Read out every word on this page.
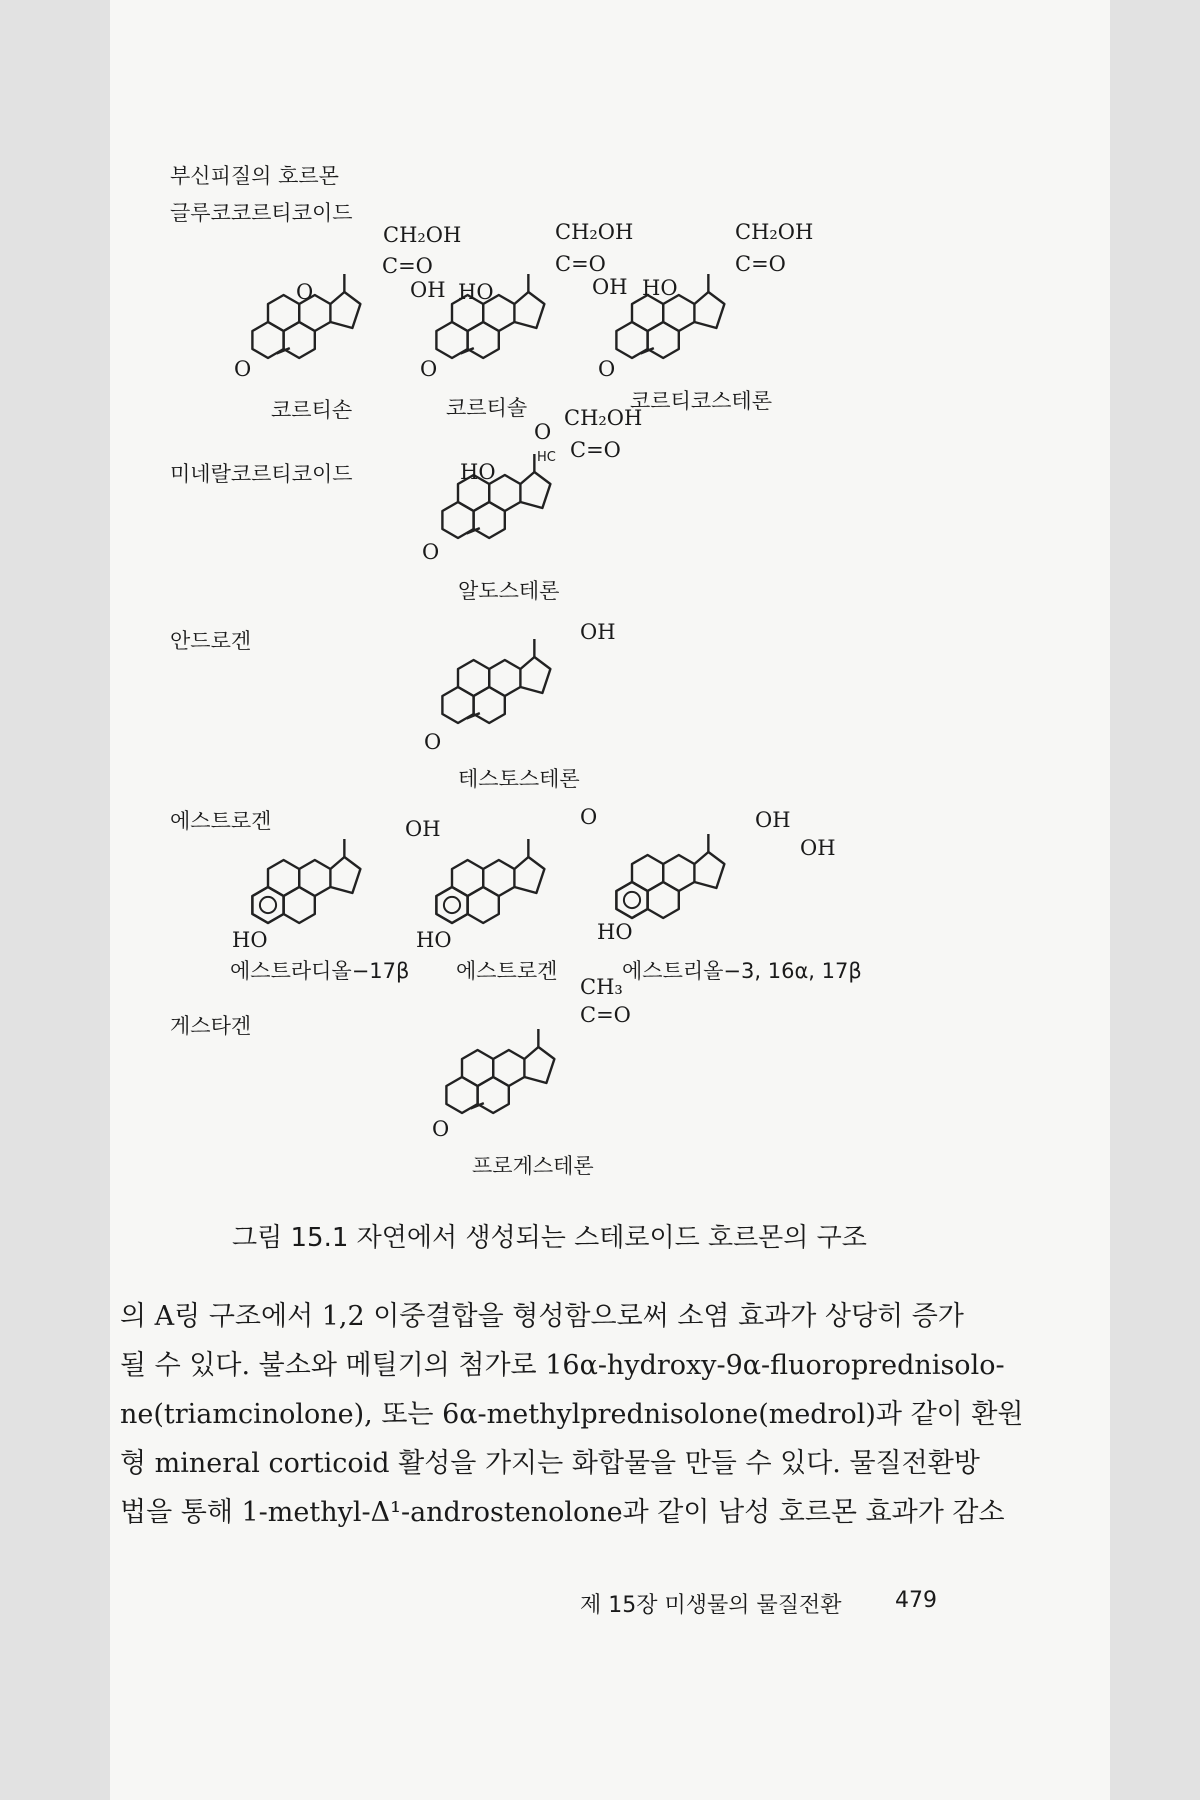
부신피질의 호르몬
글루코코르티코이드
미네랄코르티코이드
안드로겐
에스트로겐
게스타겐
CH₂OH
C=O
OH
O
O
코르티손
CH₂OH
C=O
OH
HO
O
코르티솔
CH₂OH
C=O
HO
O
코르티코스테론
O
CH₂OH
C=O
HC
HO
O
알도스테론
OH
O
테스토스테론
OH
HO
에스트라디올−17β
O
HO
에스트로겐
OH
OH
HO
에스트리올−3, 16α, 17β
CH₃
C=O
O
프로게스테론
그림 15.1 자연에서 생성되는 스테로이드 호르몬의 구조

의 A링 구조에서 1,2 이중결합을 형성함으로써 소염 효과가 상당히 증가
될 수 있다. 불소와 메틸기의 첨가로 16α-hydroxy-9α-fluoroprednisolo-
ne(triamcinolone), 또는 6α-methylprednisolone(medrol)과 같이 환원
형 mineral corticoid 활성을 가지는 화합물을 만들 수 있다. 물질전환방
법을 통해 1-methyl-Δ¹-androstenolone과 같이 남성 호르몬 효과가 감소

제 15장 미생물의 물질전환 479
